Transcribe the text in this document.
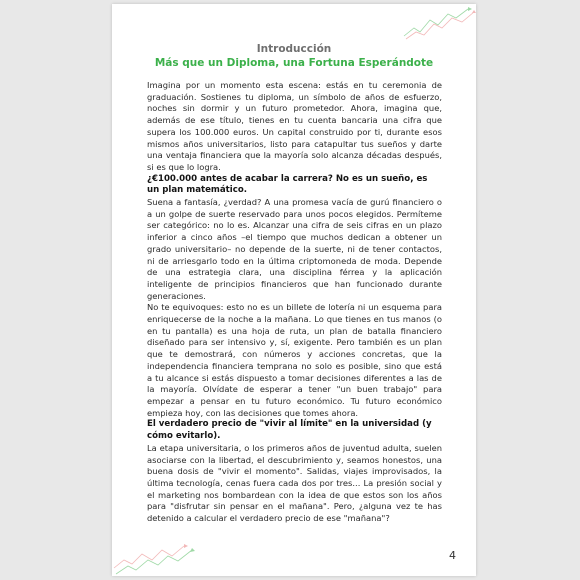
Introducción
Más que un Diploma, una Fortuna Esperándote

Imagina por un momento esta escena: estás en tu ceremonia de graduación. Sostienes tu diploma, un símbolo de años de esfuerzo, noches sin dormir y un futuro prometedor. Ahora, imagina que, además de ese título, tienes en tu cuenta bancaria una cifra que supera los 100.000 euros. Un capital construido por ti, durante esos mismos años universitarios, listo para catapultar tus sueños y darte una ventaja financiera que la mayoría solo alcanza décadas después, si es que lo logra.

¿€100.000 antes de acabar la carrera? No es un sueño, es un plan matemático.

Suena a fantasía, ¿verdad? A una promesa vacía de gurú financiero o a un golpe de suerte reservado para unos pocos elegidos. Permíteme ser categórico: no lo es. Alcanzar una cifra de seis cifras en un plazo inferior a cinco años –el tiempo que muchos dedican a obtener un grado universitario– no depende de la suerte, ni de tener contactos, ni de arriesgarlo todo en la última criptomoneda de moda. Depende de una estrategia clara, una disciplina férrea y la aplicación inteligente de principios financieros que han funcionado durante generaciones.

No te equivoques: esto no es un billete de lotería ni un esquema para enriquecerse de la noche a la mañana. Lo que tienes en tus manos (o en tu pantalla) es una hoja de ruta, un plan de batalla financiero diseñado para ser intensivo y, sí, exigente. Pero también es un plan que te demostrará, con números y acciones concretas, que la independencia financiera temprana no solo es posible, sino que está a tu alcance si estás dispuesto a tomar decisiones diferentes a las de la mayoría. Olvídate de esperar a tener "un buen trabajo" para empezar a pensar en tu futuro económico. Tu futuro económico empieza hoy, con las decisiones que tomes ahora.

El verdadero precio de "vivir al límite" en la universidad (y cómo evitarlo).

La etapa universitaria, o los primeros años de juventud adulta, suelen asociarse con la libertad, el descubrimiento y, seamos honestos, una buena dosis de "vivir el momento". Salidas, viajes improvisados, la última tecnología, cenas fuera cada dos por tres... La presión social y el marketing nos bombardean con la idea de que estos son los años para "disfrutar sin pensar en el mañana". Pero, ¿alguna vez te has detenido a calcular el verdadero precio de ese "mañana"?

4
